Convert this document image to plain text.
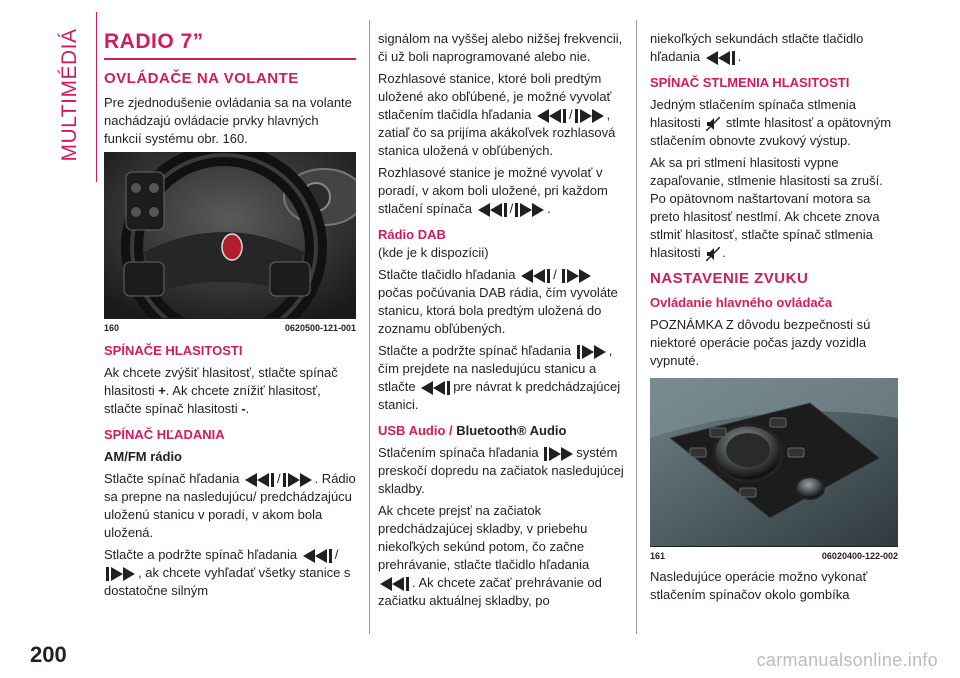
MULTIMÉDIÁ RADIO 7”
OVLÁDAČE NA VOLANTE

Pre zjednodušenie ovládania sa na volante nachádzajú ovládacie prvky hlavných funkcií systému obr. 160.

160	0620500-121-001
SPÍNAČE HLASITOSTI

Ak chcete zvýšiť hlasitosť, stlačte spínač hlasitosti +. Ak chcete znížiť hlasitosť, stlačte spínač hlasitosti -.

SPÍNAČ HĽADANIA
AM/FM rádio

Stlačte spínač hľadania	/	. Rádio sa prepne na nasledujúcu/ predchádzajúcu uloženú stanicu v poradí, v akom bola uložená.

Stlačte a podržte spínač hľadania	/
, ak chcete vyhľadať všetky stanice s dostatočne silným

signálom na vyššej alebo nižšej frekvencii, či už boli naprogramované alebo nie.

Rozhlasové stanice, ktoré boli predtým uložené ako obľúbené, je možné vyvolať stlačením tlačidla hľadania	/	, zatiaľ čo sa prijíma akákoľvek rozhlasová stanica uložená v obľúbených.

Rozhlasové stanice je možné vyvolať v poradí, v akom boli uložené, pri každom stlačení spínača	/	.

Rádio DAB

(kde je k dispozícii)

Stlačte tlačidlo hľadania	/
počas počúvania DAB rádia, čím vyvoláte stanicu, ktorá bola predtým uložená do zoznamu obľúbených.

Stlačte a podržte spínač hľadania	, čím prejdete na nasledujúcu stanicu a stlačte	pre návrat k predchádzajúcej stanici.

USB Audio / Bluetooth® Audio

Stlačením spínača hľadania	systém preskočí dopredu na začiatok nasledujúcej skladby.

Ak chcete prejsť na začiatok predchádzajúcej skladby, v priebehu niekoľkých sekúnd potom, čo začne prehrávanie, stlačte tlačidlo hľadania
. Ak chcete začať prehrávanie od začiatku aktuálnej skladby, po

niekoľkých sekundách stlačte tlačidlo hľadania	.

SPÍNAČ STLMENIA HLASITOSTI

Jedným stlačením spínača stlmenia hlasitosti stlmte hlasitosť a opätovným stlačením obnovte zvukový výstup.

Ak sa pri stlmení hlasitosti vypne zapaľovanie, stlmenie hlasitosti sa zruší. Po opätovnom naštartovaní motora sa preto hlasitosť nestlmí. Ak chcete znova stlmiť hlasitosť, stlačte spínač stlmenia hlasitosti .

NASTAVENIE ZVUKU
Ovládanie hlavného ovládača

POZNÁMKA Z dôvodu bezpečnosti sú niektoré operácie počas jazdy vozidla vypnuté.

161	06020400-122-002

Nasledujúce operácie možno vykonať stlačením spínačov okolo gombíka

200	carmanualsonline.info
